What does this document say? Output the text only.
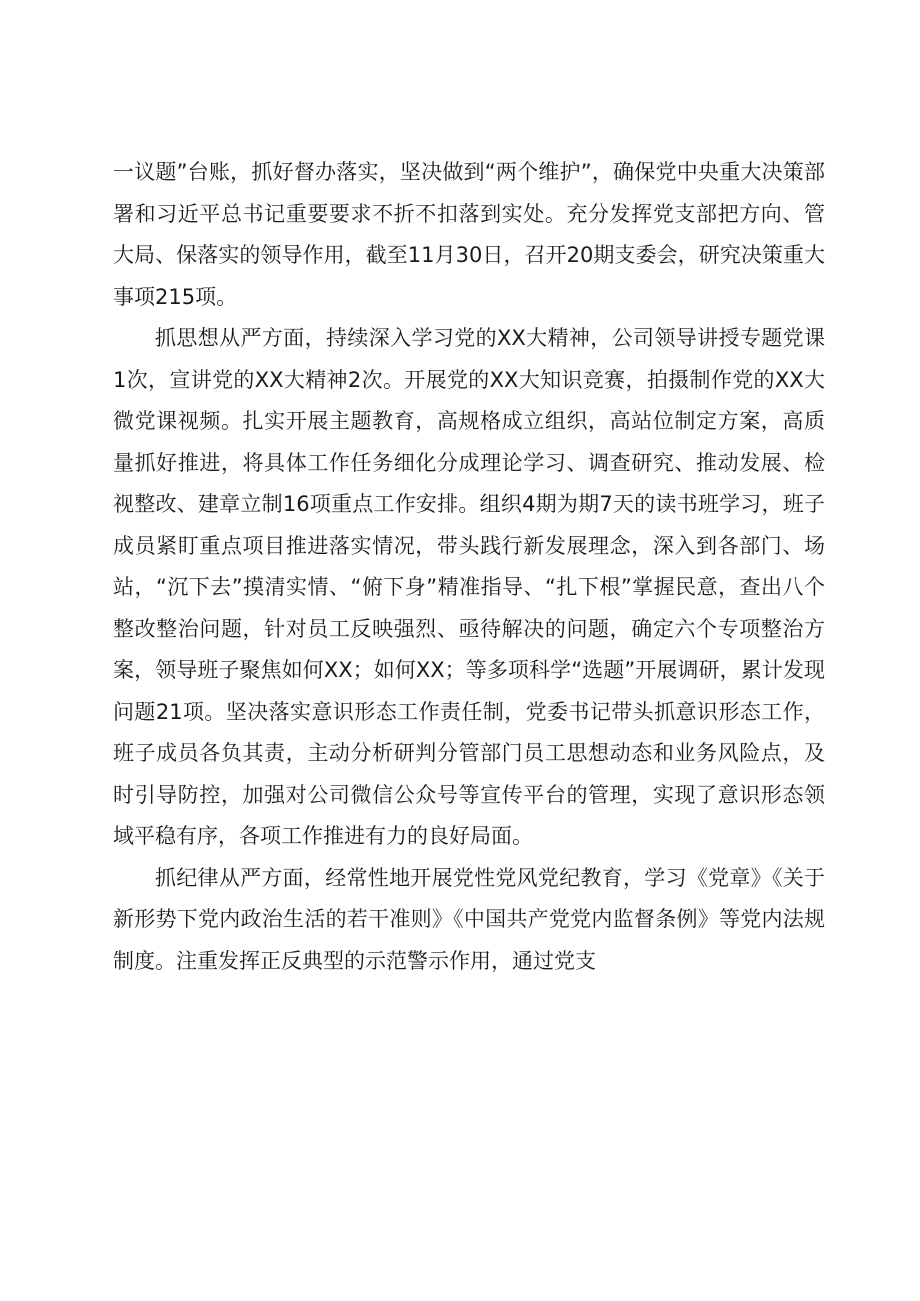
一议题”台账，抓好督办落实，坚决做到“两个维护”，确保党中央重大决策部署和习近平总书记重要要求不折不扣落到实处。充分发挥党支部把方向、管大局、保落实的领导作用，截至11月30日，召开20期支委会，研究决策重大事项215项。

抓思想从严方面，持续深入学习党的XX大精神，公司领导讲授专题党课1次，宣讲党的XX大精神2次。开展党的XX大知识竞赛，拍摄制作党的XX大微党课视频。扎实开展主题教育，高规格成立组织，高站位制定方案，高质量抓好推进，将具体工作任务细化分成理论学习、调查研究、推动发展、检视整改、建章立制16项重点工作安排。组织4期为期7天的读书班学习，班子成员紧盯重点项目推进落实情况，带头践行新发展理念，深入到各部门、场站，“沉下去”摸清实情、“俯下身”精准指导、“扎下根”掌握民意，查出八个整改整治问题，针对员工反映强烈、亟待解决的问题，确定六个专项整治方案，领导班子聚焦如何XX；如何XX；等多项科学“选题”开展调研，累计发现问题21项。坚决落实意识形态工作责任制，党委书记带头抓意识形态工作，班子成员各负其责，主动分析研判分管部门员工思想动态和业务风险点，及时引导防控，加强对公司微信公众号等宣传平台的管理，实现了意识形态领域平稳有序，各项工作推进有力的良好局面。

抓纪律从严方面，经常性地开展党性党风党纪教育，学习《党章》《关于新形势下党内政治生活的若干准则》《中国共产党党内监督条例》等党内法规制度。注重发挥正反典型的示范警示作用，通过党支
